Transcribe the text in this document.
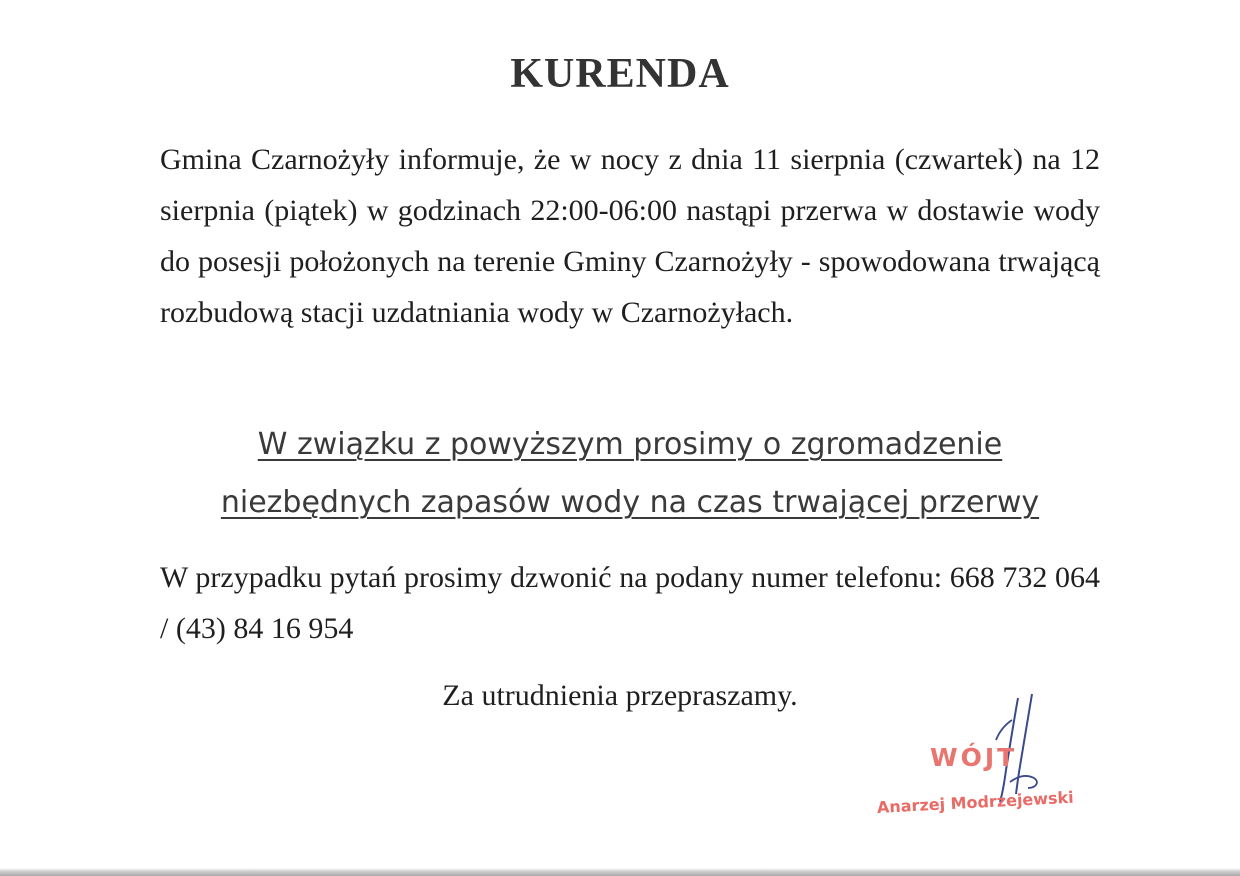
KURENDA
Gmina Czarnożyły informuje, że w nocy z dnia 11 sierpnia (czwartek) na 12 sierpnia (piątek) w godzinach 22:00-06:00 nastąpi przerwa w dostawie wody do posesji położonych na terenie Gminy Czarnożyły - spowodowana trwającą rozbudową stacji uzdatniania wody w Czarnożyłach.
W związku z powyższym prosimy o zgromadzenie
niezbędnych zapasów wody na czas trwającej przerwy
W przypadku pytań prosimy dzwonić na podany numer telefonu: 668 732 064 / (43) 84 16 954
Za utrudnienia przepraszamy.
WÓJT
Anarzej Modrzejewski
